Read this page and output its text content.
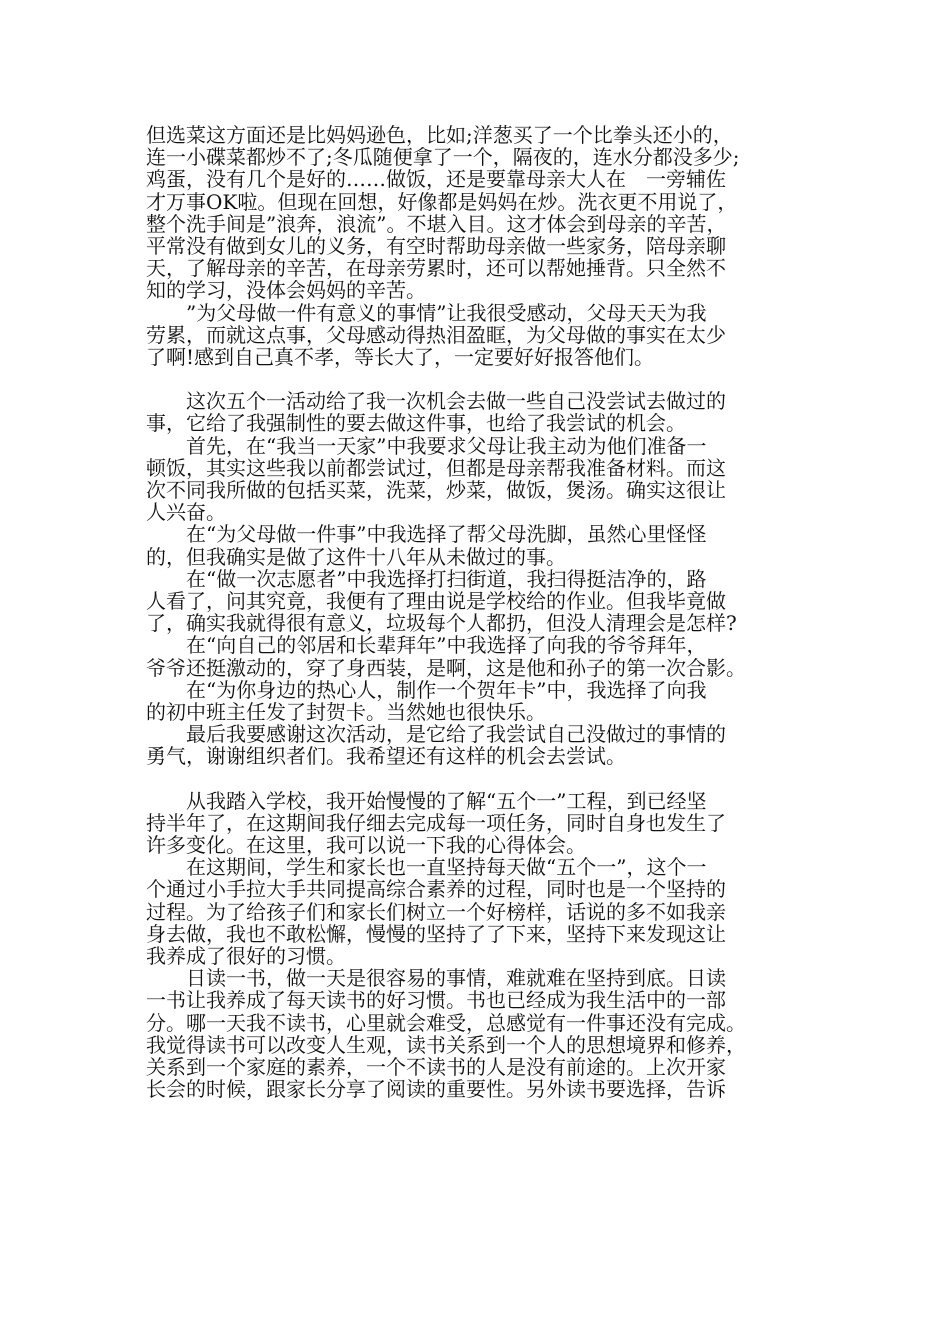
但选菜这方面还是比妈妈逊色，比如;洋葱买了一个比拳头还小的，
连一小碟菜都炒不了;冬瓜随便拿了一个，隔夜的，连水分都没多少;
鸡蛋，没有几个是好的……做饭，还是要靠母亲大人在　一旁辅佐
才万事OK啦。但现在回想，好像都是妈妈在炒。洗衣更不用说了，
整个洗手间是”浪奔，浪流”。不堪入目。这才体会到母亲的辛苦，
平常没有做到女儿的义务，有空时帮助母亲做一些家务，陪母亲聊
天，了解母亲的辛苦，在母亲劳累时，还可以帮她捶背。只全然不
知的学习，没体会妈妈的辛苦。
　　”为父母做一件有意义的事情”让我很受感动，父母天天为我
劳累，而就这点事，父母感动得热泪盈眶，为父母做的事实在太少
了啊!感到自己真不孝，等长大了，一定要好好报答他们。
　　这次五个一活动给了我一次机会去做一些自己没尝试去做过的
事，它给了我强制性的要去做这件事，也给了我尝试的机会。
　　首先，在“我当一天家”中我要求父母让我主动为他们准备一
顿饭，其实这些我以前都尝试过，但都是母亲帮我准备材料。而这
次不同我所做的包括买菜，洗菜，炒菜，做饭，煲汤。确实这很让
人兴奋。
　　在“为父母做一件事”中我选择了帮父母洗脚，虽然心里怪怪
的，但我确实是做了这件十八年从未做过的事。
　　在“做一次志愿者”中我选择打扫街道，我扫得挺洁净的，路
人看了，问其究竟，我便有了理由说是学校给的作业。但我毕竟做
了，确实我就得很有意义，垃圾每个人都扔，但没人清理会是怎样?
　　在“向自己的邻居和长辈拜年”中我选择了向我的爷爷拜年，
爷爷还挺激动的，穿了身西装，是啊，这是他和孙子的第一次合影。
　　在“为你身边的热心人，制作一个贺年卡”中，我选择了向我
的初中班主任发了封贺卡。当然她也很快乐。
　　最后我要感谢这次活动，是它给了我尝试自己没做过的事情的
勇气，谢谢组织者们。我希望还有这样的机会去尝试。
　　从我踏入学校，我开始慢慢的了解“五个一”工程，到已经坚
持半年了，在这期间我仔细去完成每一项任务，同时自身也发生了
许多变化。在这里，我可以说一下我的心得体会。
　　在这期间，学生和家长也一直坚持每天做“五个一”，这个一
个通过小手拉大手共同提高综合素养的过程，同时也是一个坚持的
过程。为了给孩子们和家长们树立一个好榜样，话说的多不如我亲
身去做，我也不敢松懈，慢慢的坚持了了下来，坚持下来发现这让
我养成了很好的习惯。
　　日读一书，做一天是很容易的事情，难就难在坚持到底。日读
一书让我养成了每天读书的好习惯。书也已经成为我生活中的一部
分。哪一天我不读书，心里就会难受，总感觉有一件事还没有完成。
我觉得读书可以改变人生观，读书关系到一个人的思想境界和修养，
关系到一个家庭的素养，一个不读书的人是没有前途的。上次开家
长会的时候，跟家长分享了阅读的重要性。另外读书要选择，告诉
